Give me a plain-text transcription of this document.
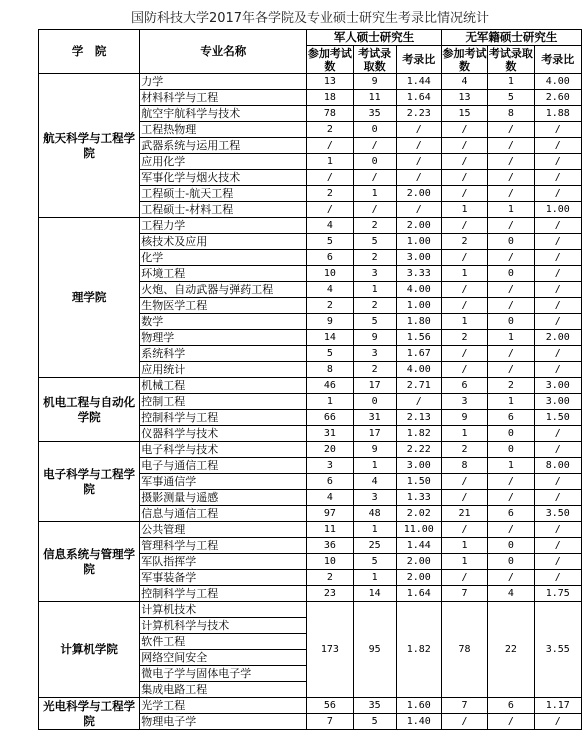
国防科技大学2017年各学院及专业硕士研究生考录比情况统计
学　院	专业名称	军人硕士研究生			无军籍硕士研究生		
		参加考试数	考试录取数	考录比	参加考试数	考试录取数	考录比
航天科学与工程学院	力学	13	9	1.44	4	1	4.00
	材料科学与工程	18	11	1.64	13	5	2.60
	航空宇航科学与技术	78	35	2.23	15	8	1.88
	工程热物理	2	0	/	/	/	/
	武器系统与运用工程	/	/	/	/	/	/
	应用化学	1	0	/	/	/	/
	军事化学与烟火技术	/	/	/	/	/	/
	工程硕士-航天工程	2	1	2.00	/	/	/
	工程硕士-材料工程	/	/	/	1	1	1.00
理学院	工程力学	4	2	2.00	/	/	/
	核技术及应用	5	5	1.00	2	0	/
	化学	6	2	3.00	/	/	/
	环境工程	10	3	3.33	1	0	/
	火炮、自动武器与弹药工程	4	1	4.00	/	/	/
	生物医学工程	2	2	1.00	/	/	/
	数学	9	5	1.80	1	0	/
	物理学	14	9	1.56	2	1	2.00
	系统科学	5	3	1.67	/	/	/
	应用统计	8	2	4.00	/	/	/
机电工程与自动化学院	机械工程	46	17	2.71	6	2	3.00
	控制工程	1	0	/	3	1	3.00
	控制科学与工程	66	31	2.13	9	6	1.50
	仪器科学与技术	31	17	1.82	1	0	/
电子科学与工程学院	电子科学与技术	20	9	2.22	2	0	/
	电子与通信工程	3	1	3.00	8	1	8.00
	军事通信学	6	4	1.50	/	/	/
	摄影测量与遥感	4	3	1.33	/	/	/
	信息与通信工程	97	48	2.02	21	6	3.50
信息系统与管理学院	公共管理	11	1	11.00	/	/	/
	管理科学与工程	36	25	1.44	1	0	/
	军队指挥学	10	5	2.00	1	0	/
	军事装备学	2	1	2.00	/	/	/
	控制科学与工程	23	14	1.64	7	4	1.75
计算机学院	计算机技术	173	95	1.82	78	22	3.55
	计算机科学与技术						
	软件工程						
	网络空间安全						
	微电子学与固体电子学						
	集成电路工程						
光电科学与工程学院	光学工程	56	35	1.60	7	6	1.17
	物理电子学	7	5	1.40	/	/	/
